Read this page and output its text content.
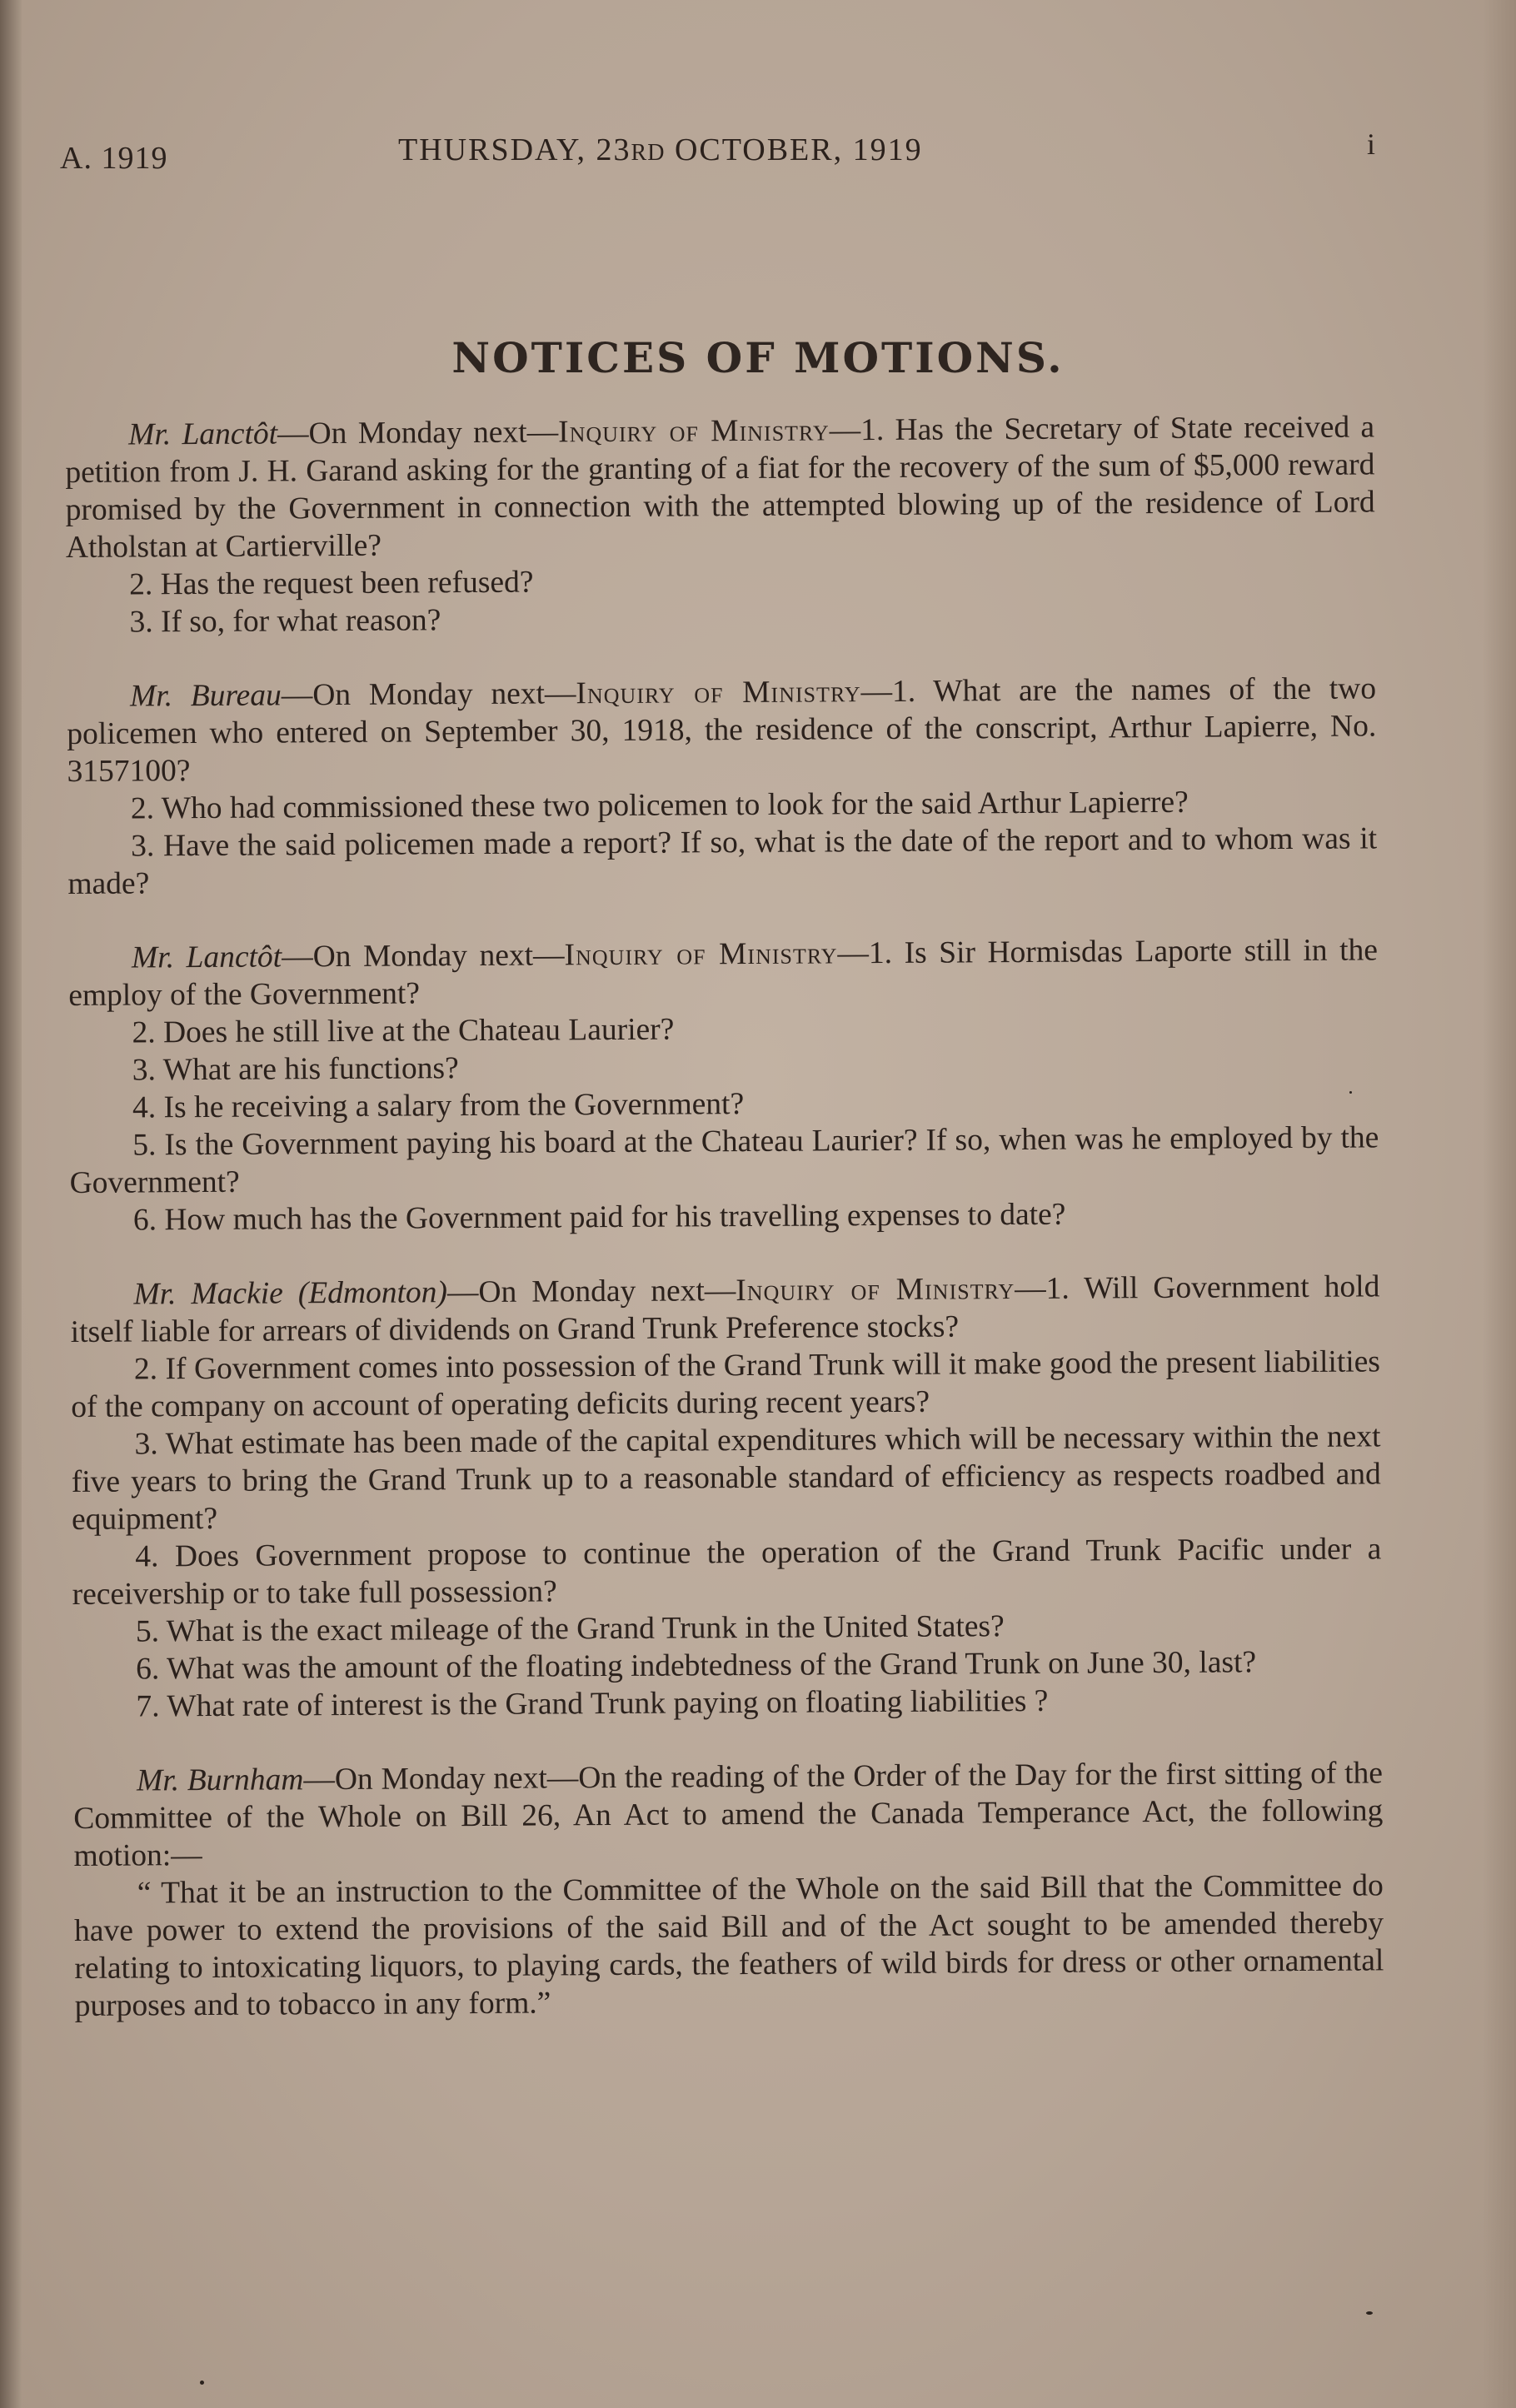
A. 1919	THURSDAY, 23RD OCTOBER, 1919	i
NOTICES OF MOTIONS.

Mr. Lanctôt—On Monday next—Inquiry of Ministry—1. Has the Secretary of State received a petition from J. H. Garand asking for the granting of a fiat for the recovery of the sum of $5,000 reward promised by the Government in connection with the attempted blowing up of the residence of Lord Atholstan at Cartierville?

2. Has the request been refused?

3. If so, for what reason?

Mr. Bureau—On Monday next—Inquiry of Ministry—1. What are the names of the two policemen who entered on September 30, 1918, the residence of the conscript, Arthur Lapierre, No. 3157100?

2. Who had commissioned these two policemen to look for the said Arthur Lapierre?

3. Have the said policemen made a report? If so, what is the date of the report and to whom was it made?

Mr. Lanctôt—On Monday next—Inquiry of Ministry—1. Is Sir Hormisdas Laporte still in the employ of the Government?

2. Does he still live at the Chateau Laurier?

3. What are his functions?

4. Is he receiving a salary from the Government?

5. Is the Government paying his board at the Chateau Laurier? If so, when was he employed by the Government?

6. How much has the Government paid for his travelling expenses to date?

Mr. Mackie (Edmonton)—On Monday next—Inquiry of Ministry—1. Will Government hold itself liable for arrears of dividends on Grand Trunk Preference stocks?

2. If Government comes into possession of the Grand Trunk will it make good the present liabilities of the company on account of operating deficits during recent years?

3. What estimate has been made of the capital expenditures which will be necessary within the next five years to bring the Grand Trunk up to a reasonable standard of efficiency as respects roadbed and equipment?

4. Does Government propose to continue the operation of the Grand Trunk Pacific under a receivership or to take full possession?

5. What is the exact mileage of the Grand Trunk in the United States?

6. What was the amount of the floating indebtedness of the Grand Trunk on June 30, last?

7. What rate of interest is the Grand Trunk paying on floating liabilities ?

Mr. Burnham—On Monday next—On the reading of the Order of the Day for the first sitting of the Committee of the Whole on Bill 26, An Act to amend the Canada Temperance Act, the following motion:—

“ That it be an instruction to the Committee of the Whole on the said Bill that the Committee do have power to extend the provisions of the said Bill and of the Act sought to be amended thereby relating to intoxicating liquors, to playing cards, the feathers of wild birds for dress or other ornamental purposes and to tobacco in any form.”
